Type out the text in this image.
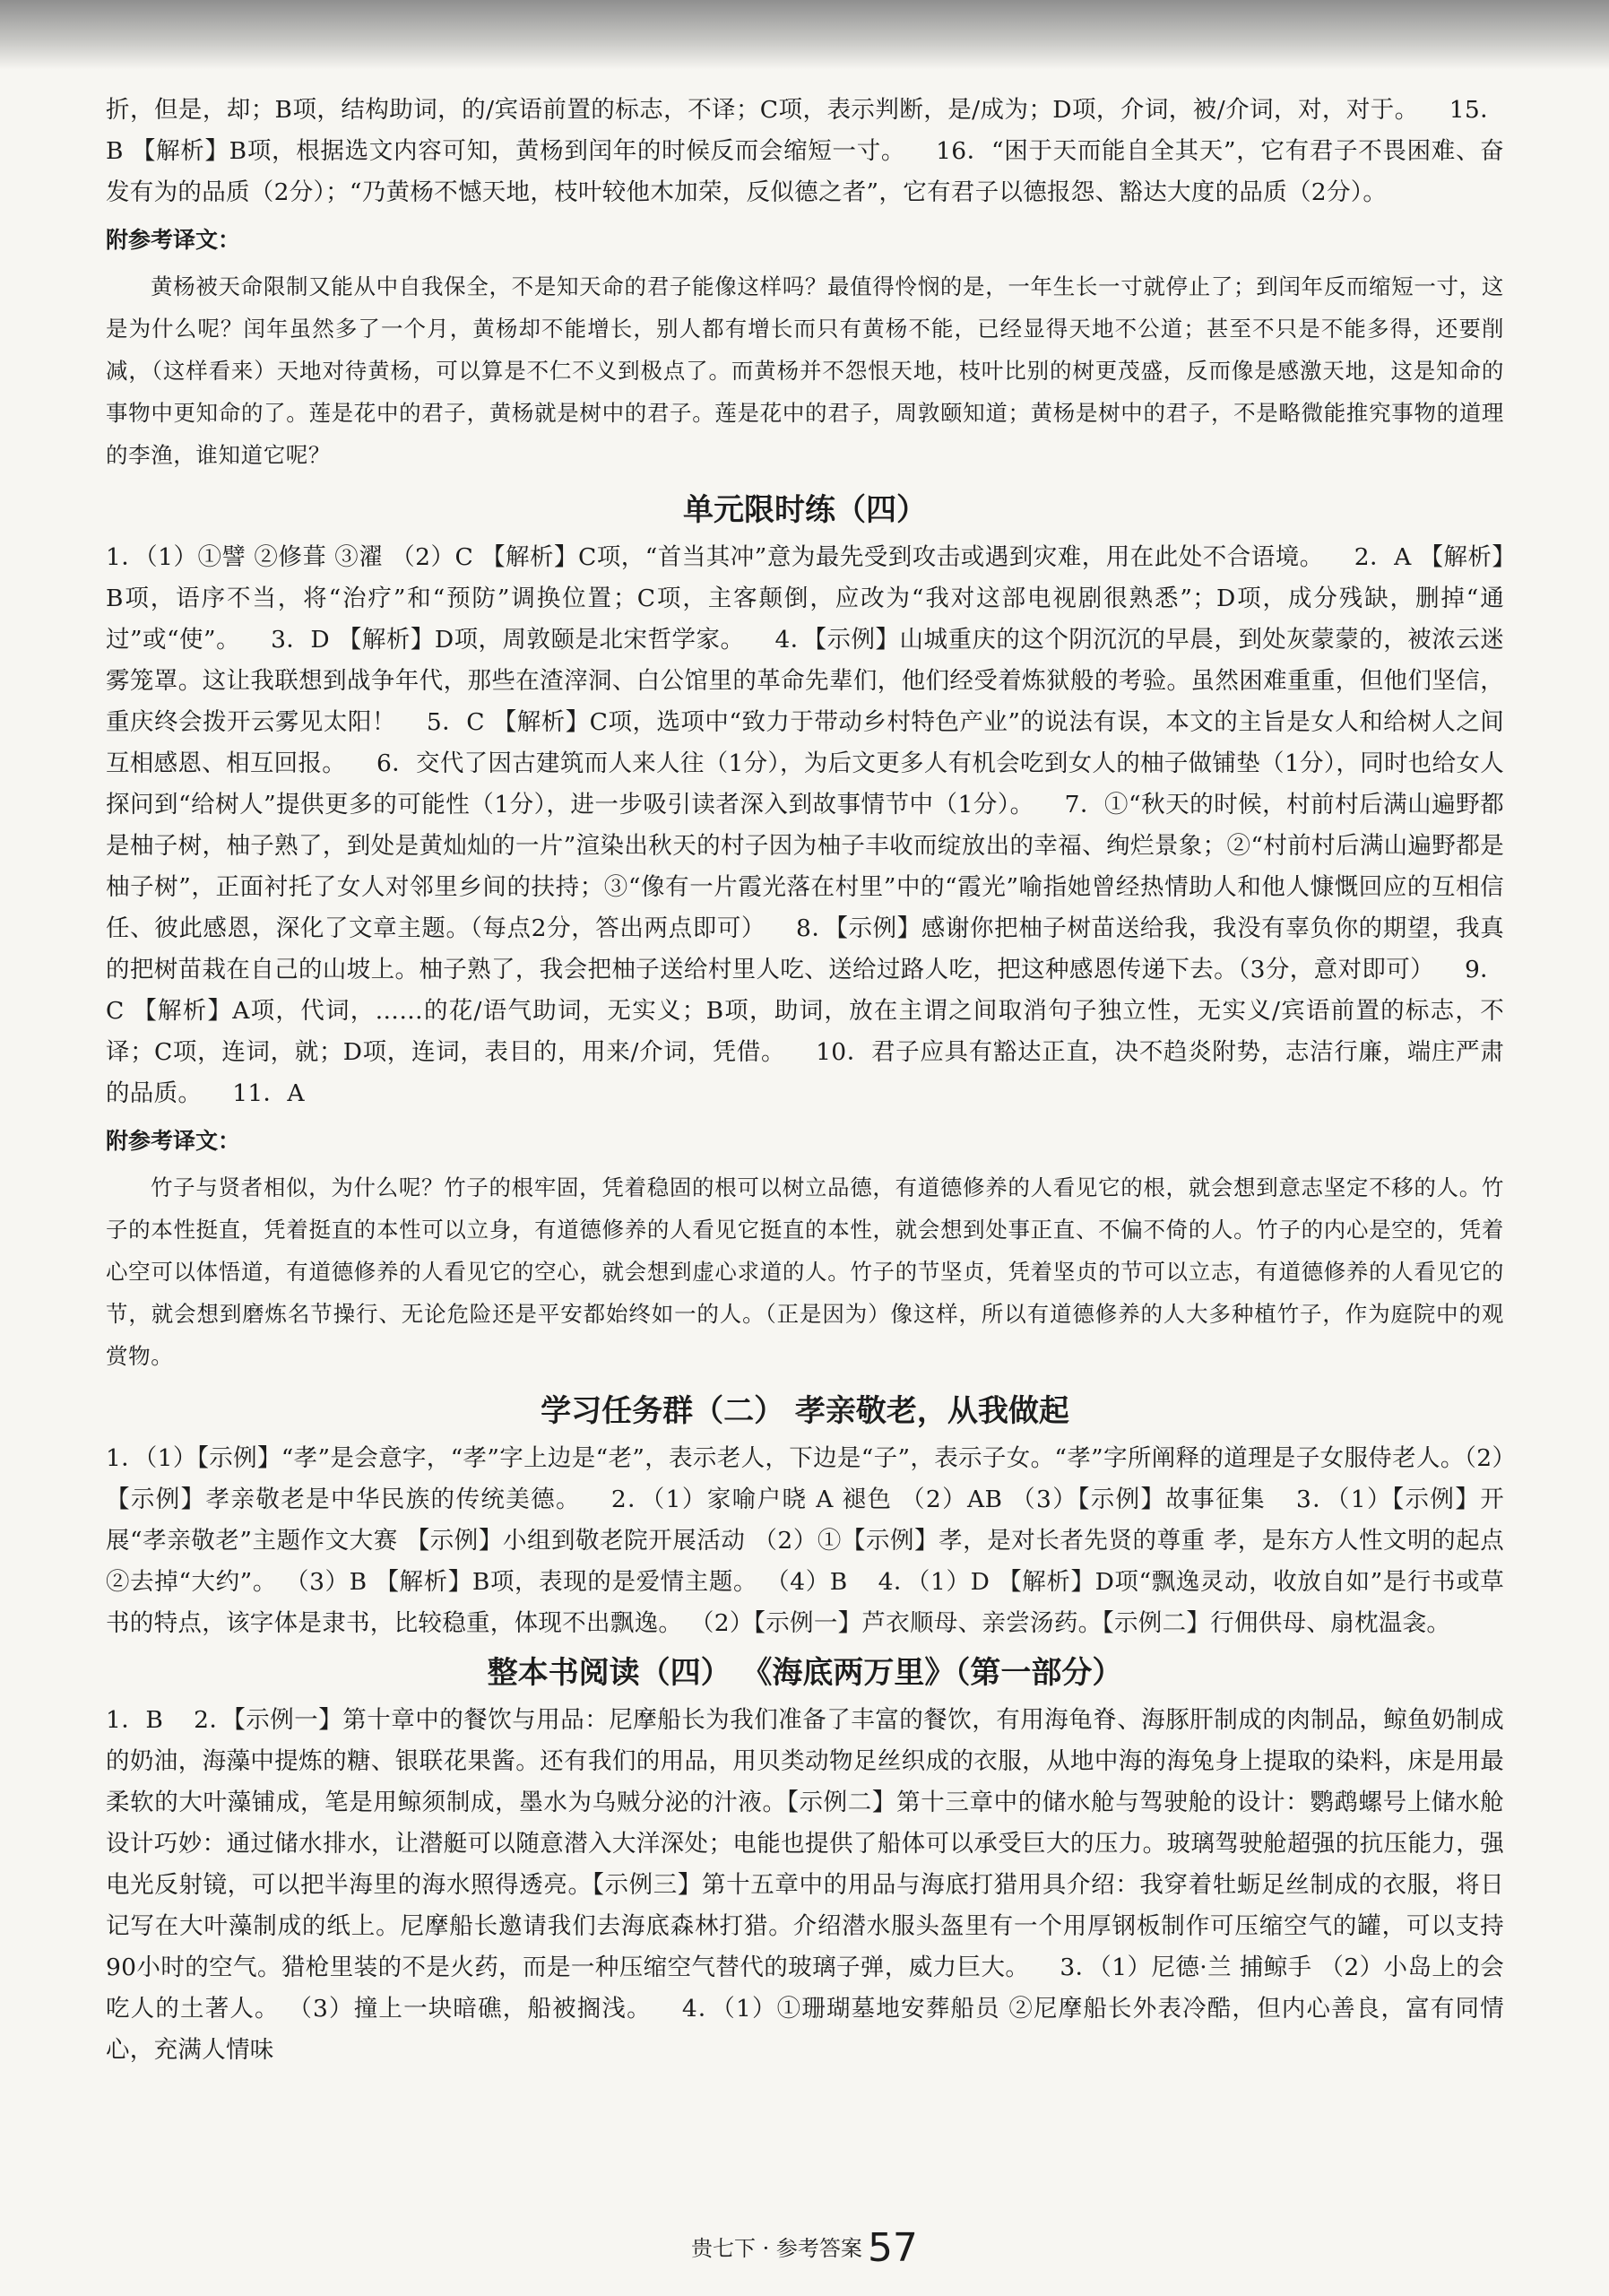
折，但是，却；B项，结构助词，的/宾语前置的标志，不译；C项，表示判断，是/成为；D项，介词，被/介词，对，对于。 15．B 【解析】B项，根据选文内容可知，黄杨到闰年的时候反而会缩短一寸。 16．“困于天而能自全其天”，它有君子不畏困难、奋发有为的品质（2分）；“乃黄杨不憾天地，枝叶较他木加荣，反似德之者”，它有君子以德报怨、豁达大度的品质（2分）。

附参考译文：
黄杨被天命限制又能从中自我保全，不是知天命的君子能像这样吗？最值得怜悯的是，一年生长一寸就停止了；到闰年反而缩短一寸，这是为什么呢？闰年虽然多了一个月，黄杨却不能增长，别人都有增长而只有黄杨不能，已经显得天地不公道；甚至不只是不能多得，还要削减，（这样看来）天地对待黄杨，可以算是不仁不义到极点了。而黄杨并不怨恨天地，枝叶比别的树更茂盛，反而像是感激天地，这是知命的事物中更知命的了。莲是花中的君子，黄杨就是树中的君子。莲是花中的君子，周敦颐知道；黄杨是树中的君子，不是略微能推究事物的道理的李渔，谁知道它呢？
单元限时练（四）

1．（1）①譬 ②修葺 ③濯 （2）C 【解析】C项，“首当其冲”意为最先受到攻击或遇到灾难，用在此处不合语境。 2．A 【解析】B项，语序不当，将“治疗”和“预防”调换位置；C项，主客颠倒，应改为“我对这部电视剧很熟悉”；D项，成分残缺，删掉“通过”或“使”。 3．D 【解析】D项，周敦颐是北宋哲学家。 4．【示例】山城重庆的这个阴沉沉的早晨，到处灰蒙蒙的，被浓云迷雾笼罩。这让我联想到战争年代，那些在渣滓洞、白公馆里的革命先辈们，他们经受着炼狱般的考验。虽然困难重重，但他们坚信，重庆终会拨开云雾见太阳！ 5．C 【解析】C项，选项中“致力于带动乡村特色产业”的说法有误，本文的主旨是女人和给树人之间互相感恩、相互回报。 6．交代了因古建筑而人来人往（1分），为后文更多人有机会吃到女人的柚子做铺垫（1分），同时也给女人探问到“给树人”提供更多的可能性（1分），进一步吸引读者深入到故事情节中（1分）。 7．①“秋天的时候，村前村后满山遍野都是柚子树，柚子熟了，到处是黄灿灿的一片”渲染出秋天的村子因为柚子丰收而绽放出的幸福、绚烂景象；②“村前村后满山遍野都是柚子树”，正面衬托了女人对邻里乡间的扶持；③“像有一片霞光落在村里”中的“霞光”喻指她曾经热情助人和他人慷慨回应的互相信任、彼此感恩，深化了文章主题。（每点2分，答出两点即可） 8．【示例】感谢你把柚子树苗送给我，我没有辜负你的期望，我真的把树苗栽在自己的山坡上。柚子熟了，我会把柚子送给村里人吃、送给过路人吃，把这种感恩传递下去。（3分，意对即可） 9．C 【解析】A项，代词，……的花/语气助词，无实义；B项，助词，放在主谓之间取消句子独立性，无实义/宾语前置的标志，不译；C项，连词，就；D项，连词，表目的，用来/介词，凭借。 10．君子应具有豁达正直，决不趋炎附势，志洁行廉，端庄严肃的品质。 11．A

附参考译文：
竹子与贤者相似，为什么呢？竹子的根牢固，凭着稳固的根可以树立品德，有道德修养的人看见它的根，就会想到意志坚定不移的人。竹子的本性挺直，凭着挺直的本性可以立身，有道德修养的人看见它挺直的本性，就会想到处事正直、不偏不倚的人。竹子的内心是空的，凭着心空可以体悟道，有道德修养的人看见它的空心，就会想到虚心求道的人。竹子的节坚贞，凭着坚贞的节可以立志，有道德修养的人看见它的节，就会想到磨炼名节操行、无论危险还是平安都始终如一的人。（正是因为）像这样，所以有道德修养的人大多种植竹子，作为庭院中的观赏物。
学习任务群（二） 孝亲敬老，从我做起

1．（1）【示例】“孝”是会意字，“孝”字上边是“老”，表示老人，下边是“子”，表示子女。“孝”字所阐释的道理是子女服侍老人。（2）【示例】孝亲敬老是中华民族的传统美德。 2．（1）家喻户晓 A 褪色 （2）AB （3）【示例】故事征集 3．（1）【示例】开展“孝亲敬老”主题作文大赛 【示例】小组到敬老院开展活动 （2）①【示例】孝，是对长者先贤的尊重 孝，是东方人性文明的起点 ②去掉“大约”。 （3）B 【解析】B项，表现的是爱情主题。 （4）B 4．（1）D 【解析】D项“飘逸灵动，收放自如”是行书或草书的特点，该字体是隶书，比较稳重，体现不出飘逸。 （2）【示例一】芦衣顺母、亲尝汤药。【示例二】行佣供母、扇枕温衾。

整本书阅读（四） 《海底两万里》（第一部分）

1．B 2．【示例一】第十章中的餐饮与用品：尼摩船长为我们准备了丰富的餐饮，有用海龟脊、海豚肝制成的肉制品，鲸鱼奶制成的奶油，海藻中提炼的糖、银联花果酱。还有我们的用品，用贝类动物足丝织成的衣服，从地中海的海兔身上提取的染料，床是用最柔软的大叶藻铺成，笔是用鲸须制成，墨水为乌贼分泌的汁液。【示例二】第十三章中的储水舱与驾驶舱的设计：鹦鹉螺号上储水舱设计巧妙：通过储水排水，让潜艇可以随意潜入大洋深处；电能也提供了船体可以承受巨大的压力。玻璃驾驶舱超强的抗压能力，强电光反射镜，可以把半海里的海水照得透亮。【示例三】第十五章中的用品与海底打猎用具介绍：我穿着牡蛎足丝制成的衣服，将日记写在大叶藻制成的纸上。尼摩船长邀请我们去海底森林打猎。介绍潜水服头盔里有一个用厚钢板制作可压缩空气的罐，可以支持90小时的空气。猎枪里装的不是火药，而是一种压缩空气替代的玻璃子弹，威力巨大。 3．（1）尼德·兰 捕鲸手 （2）小岛上的会吃人的土著人。 （3）撞上一块暗礁，船被搁浅。 4．（1）①珊瑚墓地安葬船员 ②尼摩船长外表冷酷，但内心善良，富有同情心，充满人情味

贵七下 · 参考答案 57
